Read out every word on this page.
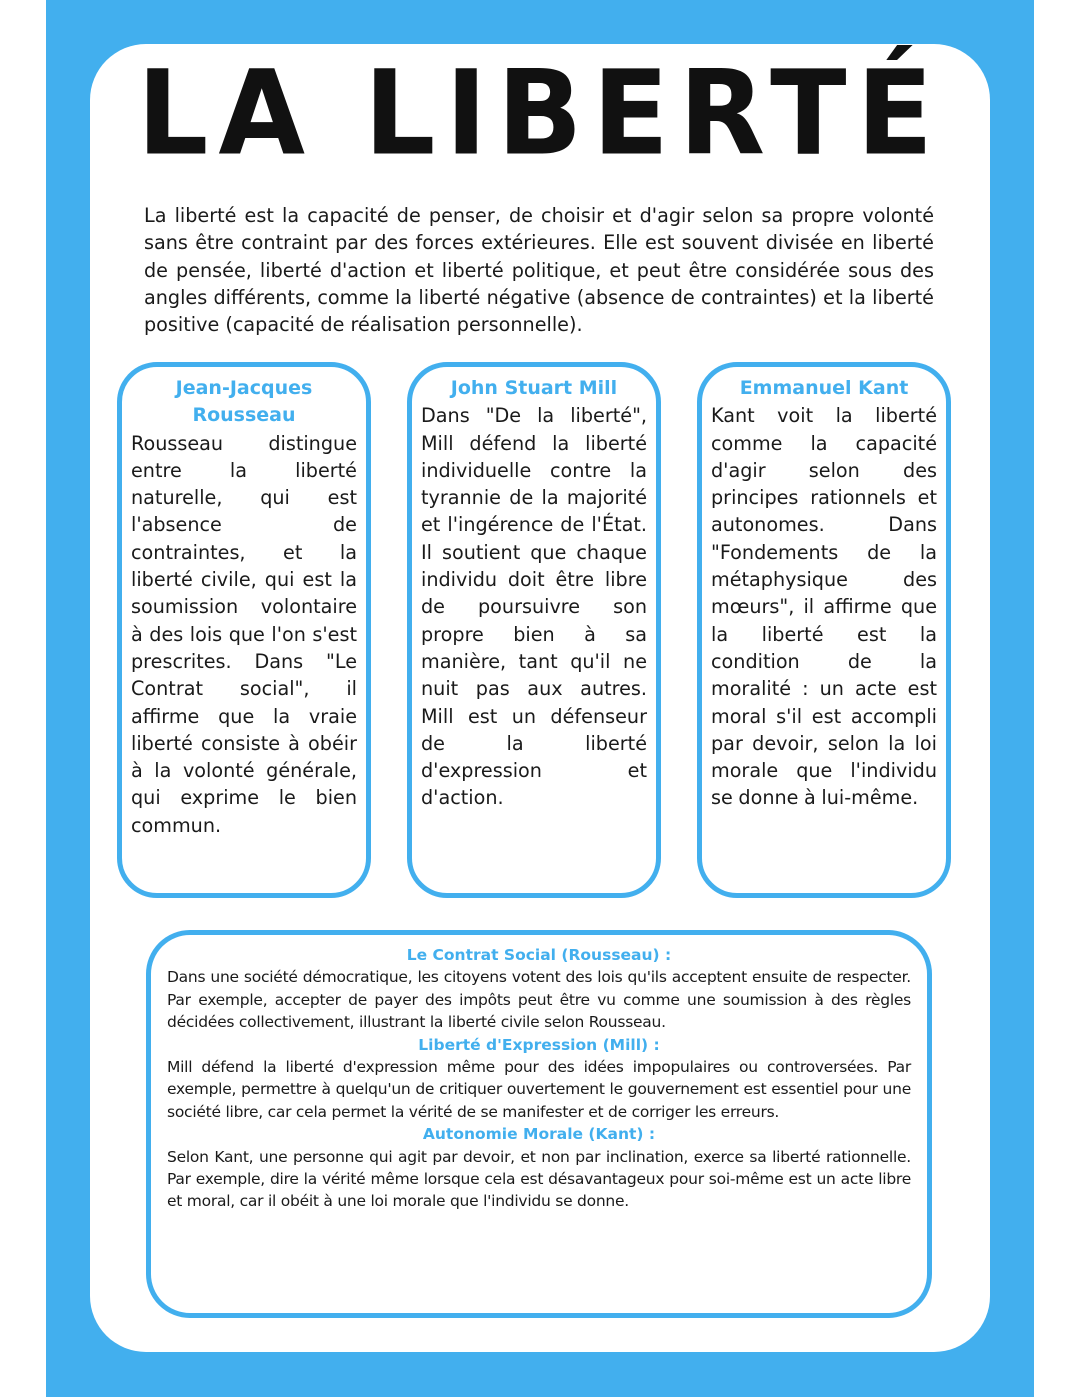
LA LIBERTÉ

La liberté est la capacité de penser, de choisir et d'agir selon sa propre volonté sans être contraint par des forces extérieures. Elle est souvent divisée en liberté de pensée, liberté d'action et liberté politique, et peut être considérée sous des angles différents, comme la liberté négative (absence de contraintes) et la liberté positive (capacité de réalisation personnelle).

Jean-Jacques Rousseau

Rousseau distingue entre la liberté naturelle, qui est l'absence de contraintes, et la liberté civile, qui est la soumission volontaire à des lois que l'on s'est prescrites. Dans "Le Contrat social", il affirme que la vraie liberté consiste à obéir à la volonté générale, qui exprime le bien commun.

John Stuart Mill

Dans "De la liberté", Mill défend la liberté individuelle contre la tyrannie de la majorité et l'ingérence de l'État. Il soutient que chaque individu doit être libre de poursuivre son propre bien à sa manière, tant qu'il ne nuit pas aux autres. Mill est un défenseur de la liberté d'expression et d'action.

Emmanuel Kant

Kant voit la liberté comme la capacité d'agir selon des principes rationnels et autonomes. Dans "Fondements de la métaphysique des mœurs", il affirme que la liberté est la condition de la moralité : un acte est moral s'il est accompli par devoir, selon la loi morale que l'individu se donne à lui-même.

Le Contrat Social (Rousseau) :

Dans une société démocratique, les citoyens votent des lois qu'ils acceptent ensuite de respecter. Par exemple, accepter de payer des impôts peut être vu comme une soumission à des règles décidées collectivement, illustrant la liberté civile selon Rousseau.

Liberté d'Expression (Mill) :

Mill défend la liberté d'expression même pour des idées impopulaires ou controversées. Par exemple, permettre à quelqu'un de critiquer ouvertement le gouvernement est essentiel pour une société libre, car cela permet la vérité de se manifester et de corriger les erreurs.

Autonomie Morale (Kant) :

Selon Kant, une personne qui agit par devoir, et non par inclination, exerce sa liberté rationnelle. Par exemple, dire la vérité même lorsque cela est désavantageux pour soi-même est un acte libre et moral, car il obéit à une loi morale que l'individu se donne.
